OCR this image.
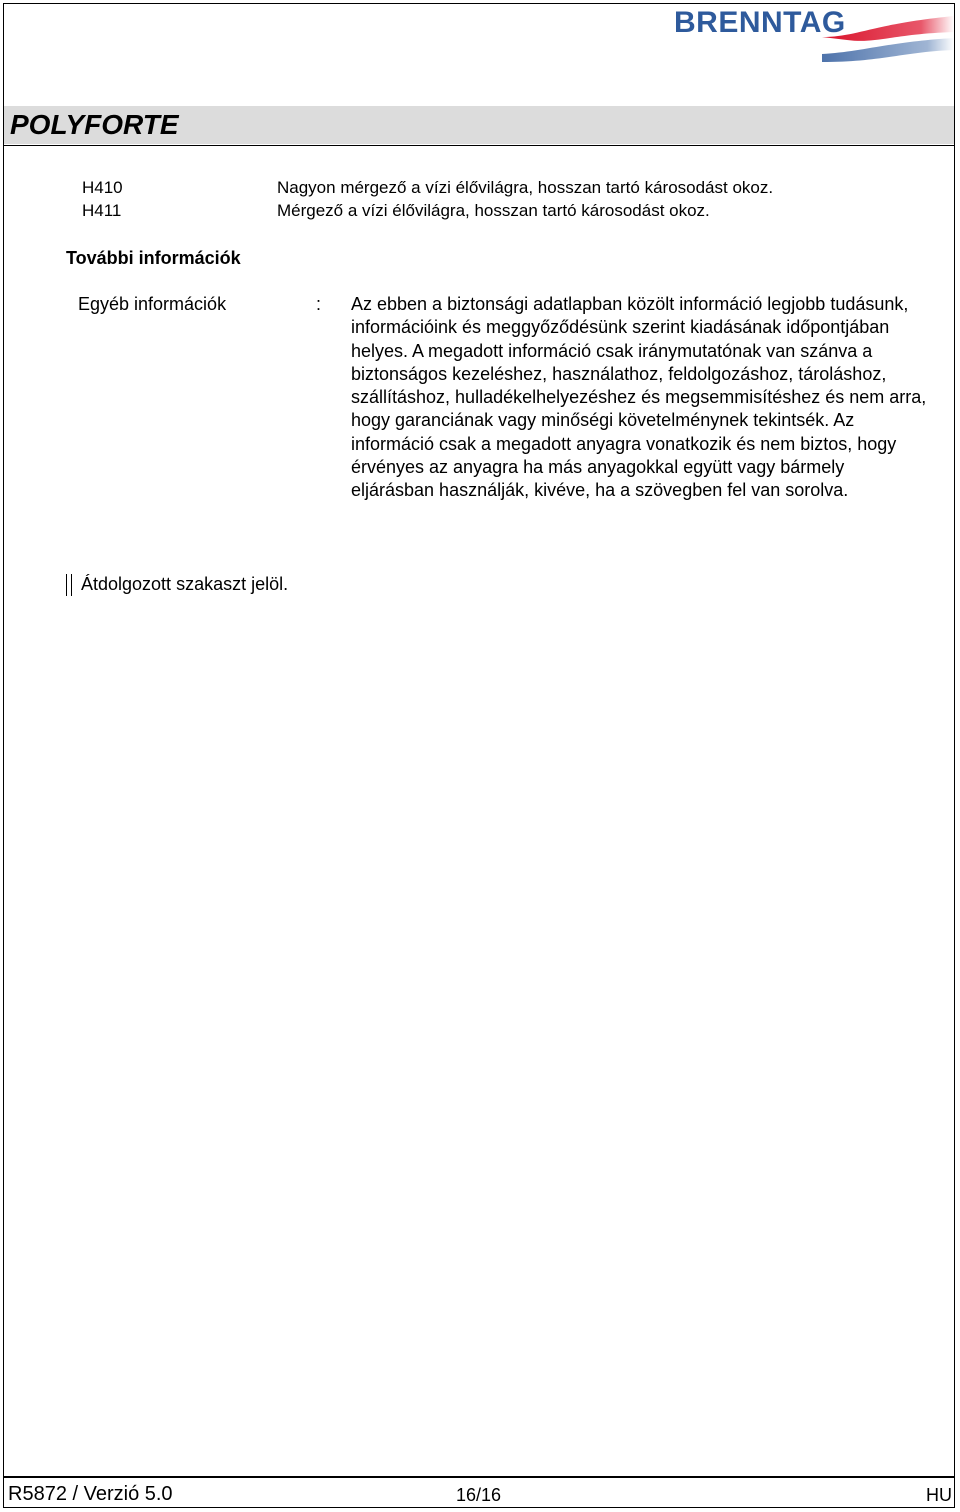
BRENNTAG
POLYFORTE
H410	Nagyon mérgező a vízi élővilágra, hosszan tartó károsodást okoz.
H411	Mérgező a vízi élővilágra, hosszan tartó károsodást okoz.
További információk
Egyéb információk	: Az ebben a biztonsági adatlapban közölt információ legjobb tudásunk, információink és meggyőződésünk szerint kiadásának időpontjában helyes. A megadott információ csak iránymutatónak van szánva a biztonságos kezeléshez, használathoz, feldolgozáshoz, tároláshoz, szállításhoz, hulladékelhelyezéshez és megsemmisítéshez és nem arra, hogy garanciának vagy minőségi követelménynek tekintsék. Az információ csak a megadott anyagra vonatkozik és nem biztos, hogy érvényes az anyagra ha más anyagokkal együtt vagy bármely eljárásban használják, kivéve, ha a szövegben fel van sorolva.

Átdolgozott szakaszt jelöl.
R5872 / Verzió 5.0	16/16	HU
